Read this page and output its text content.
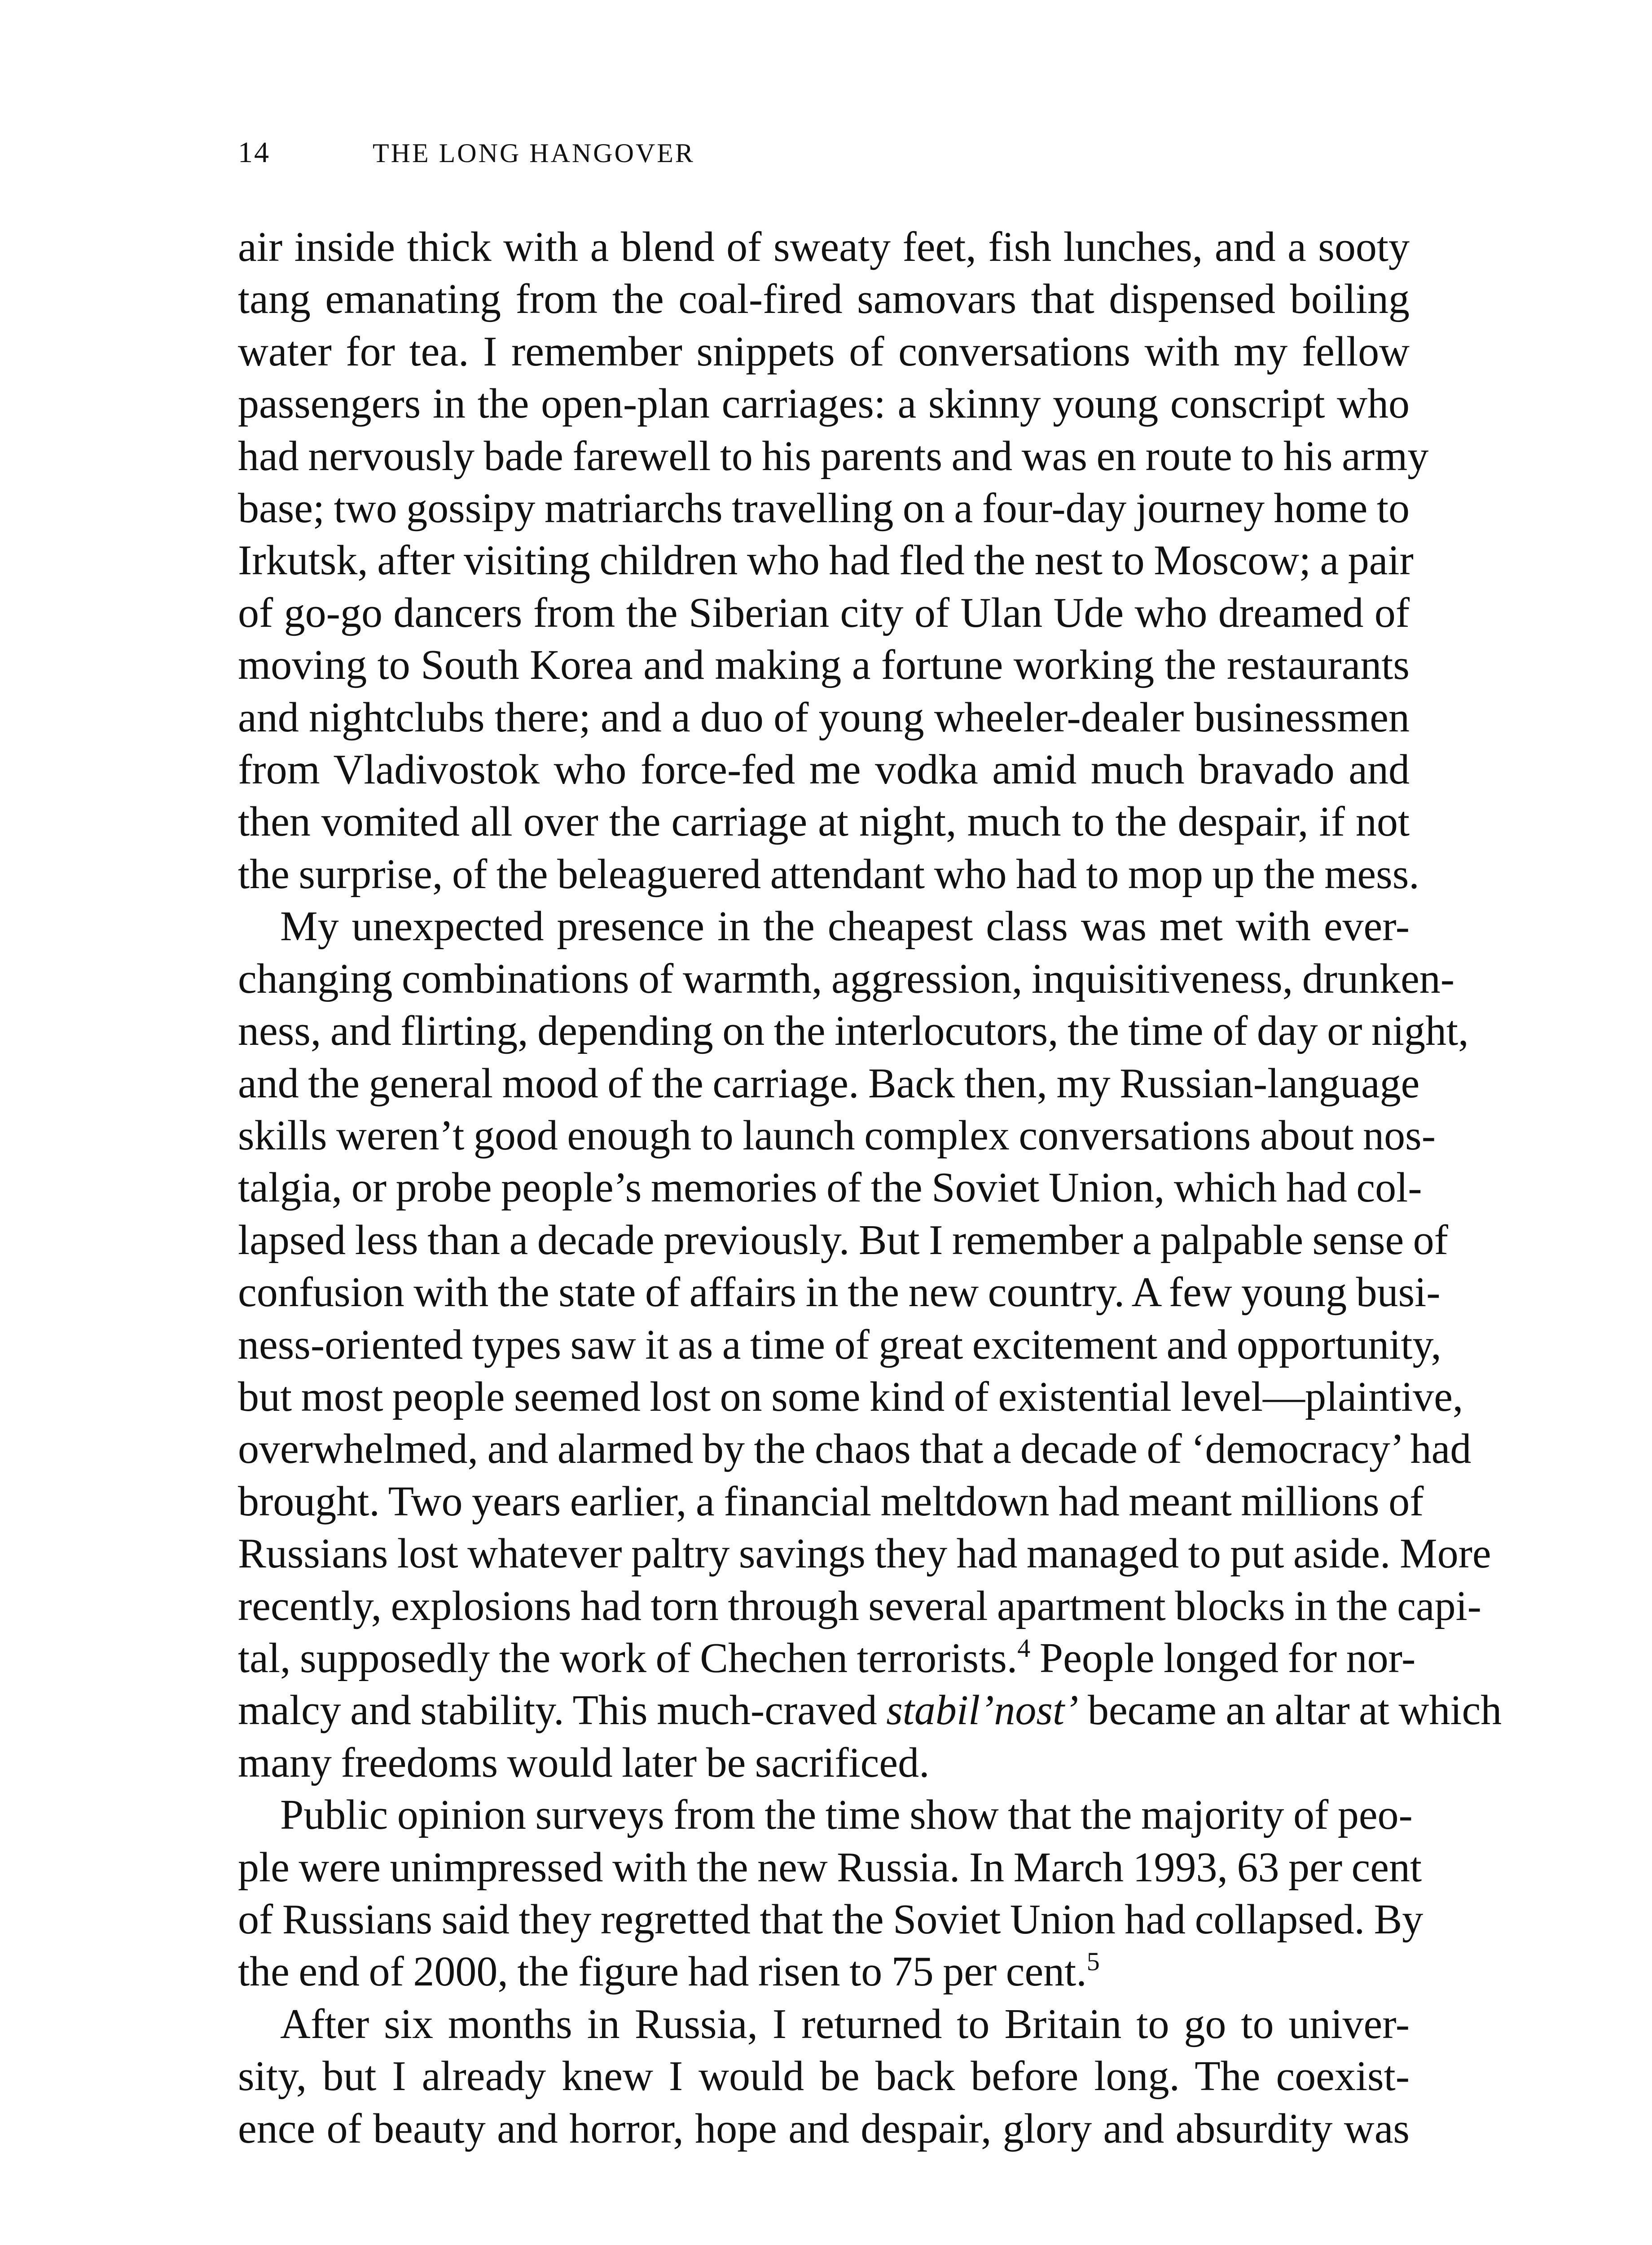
14	THE LONG HANGOVER

air inside thick with a blend of sweaty feet, fish lunches, and a sooty
tang emanating from the coal-fired samovars that dispensed boiling
water for tea. I remember snippets of conversations with my fellow
passengers in the open-plan carriages: a skinny young conscript who
had nervously bade farewell to his parents and was en route to his army
base; two gossipy matriarchs travelling on a four-day journey home to
Irkutsk, after visiting children who had fled the nest to Moscow; a pair
of go-go dancers from the Siberian city of Ulan Ude who dreamed of
moving to South Korea and making a fortune working the restaurants
and nightclubs there; and a duo of young wheeler-dealer businessmen
from Vladivostok who force-fed me vodka amid much bravado and
then vomited all over the carriage at night, much to the despair, if not
the surprise, of the beleaguered attendant who had to mop up the mess.

My unexpected presence in the cheapest class was met with ever-
changing combinations of warmth, aggression, inquisitiveness, drunken-
ness, and flirting, depending on the interlocutors, the time of day or night,
and the general mood of the carriage. Back then, my Russian-language
skills weren’t good enough to launch complex conversations about nos-
talgia, or probe people’s memories of the Soviet Union, which had col-
lapsed less than a decade previously. But I remember a palpable sense of
confusion with the state of affairs in the new country. A few young busi-
ness-oriented types saw it as a time of great excitement and opportunity,
but most people seemed lost on some kind of existential level—plaintive,
overwhelmed, and alarmed by the chaos that a decade of ‘democracy’ had
brought. Two years earlier, a financial meltdown had meant millions of
Russians lost whatever paltry savings they had managed to put aside. More
recently, explosions had torn through several apartment blocks in the capi-
tal, supposedly the work of Chechen terrorists.$^4$ People longed for nor-
malcy and stability. This much-craved stabil’nost’ became an altar at which
many freedoms would later be sacrificed.

Public opinion surveys from the time show that the majority of peo-
ple were unimpressed with the new Russia. In March 1993, 63 per cent
of Russians said they regretted that the Soviet Union had collapsed. By
the end of 2000, the figure had risen to 75 per cent.$^5$

After six months in Russia, I returned to Britain to go to univer-
sity, but I already knew I would be back before long. The coexist-
ence of beauty and horror, hope and despair, glory and absurdity was
